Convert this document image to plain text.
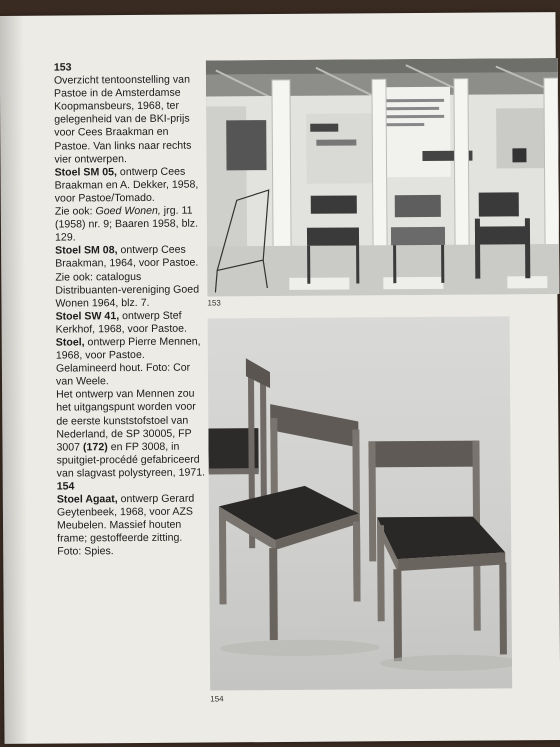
153

Overzicht tentoonstelling van Pastoe in de Amsterdamse Koopmansbeurs, 1968, ter gelegenheid van de BKI-prijs voor Cees Braakman en Pastoe. Van links naar rechts vier ontwerpen.

Stoel SM 05, ontwerp Cees Braakman en A. Dekker, 1958, voor Pastoe/Tomado.

Zie ook: Goed Wonen, jrg. 11 (1958) nr. 9; Baaren 1958, blz. 129.

Stoel SM 08, ontwerp Cees Braakman, 1964, voor Pastoe.

Zie ook: catalogus Distribuanten-vereniging Goed Wonen 1964, blz. 7.

Stoel SW 41, ontwerp Stef Kerkhof, 1968, voor Pastoe.

Stoel, ontwerp Pierre Mennen, 1968, voor Pastoe. Gelamineerd hout. Foto: Cor van Weele.

Het ontwerp van Mennen zou het uitgangspunt worden voor de eerste kunststofstoel van Nederland, de SP 30005, FP 3007 (172) en FP 3008, in spuitgiet-procédé gefabriceerd van slagvast polystyreen, 1971.

154

Stoel Agaat, ontwerp Gerard Geytenbeek, 1968, voor AZS Meubelen. Massief houten frame; gestoffeerde zitting. Foto: Spies.

153
154
